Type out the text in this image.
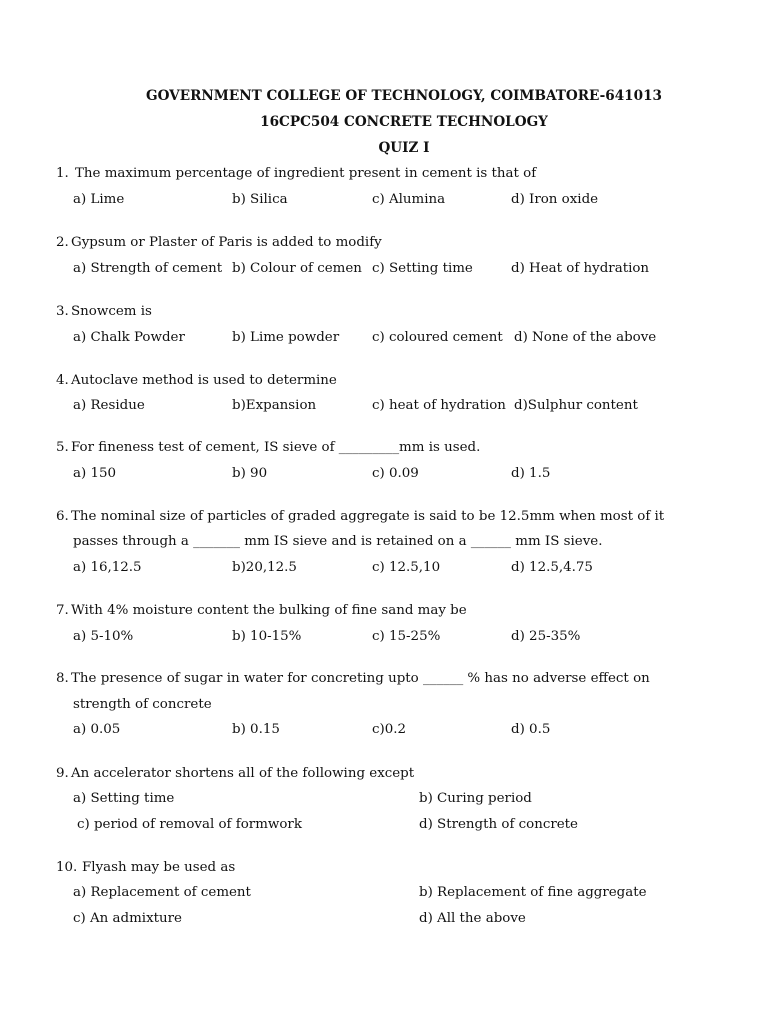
GOVERNMENT COLLEGE OF TECHNOLOGY, COIMBATORE-641013
16CPC504 CONCRETE TECHNOLOGY
QUIZ I
1. The maximum percentage of ingredient present in cement is that of
a) Lime	b) Silica	c) Alumina	d) Iron oxide
2. Gypsum or Plaster of Paris is added to modify
a) Strength of cement b) Colour of cemen c) Setting time	d) Heat of hydration
3. Snowcem is
a) Chalk Powder	b) Lime powder c) coloured cement d) None of the above
4. Autoclave method is used to determine
a) Residue	b)Expansion	c) heat of hydration d)Sulphur content
5. For fineness test of cement, IS sieve of _________mm is used.
a) 150	b) 90	c) 0.09	d) 1.5
6. The nominal size of particles of graded aggregate is said to be 12.5mm when most of it
passes through a _______ mm IS sieve and is retained on a ______ mm IS sieve.
a) 16,12.5	b)20,12.5	c) 12.5,10	d) 12.5,4.75
7. With 4% moisture content the bulking of fine sand may be
a) 5-10%	b) 10-15%	c) 15-25%	d) 25-35%
8. The presence of sugar in water for concreting upto ______ % has no adverse effect on
strength of concrete
a) 0.05	b) 0.15	c)0.2	d) 0.5
9. An accelerator shortens all of the following except
a) Setting time	b) Curing period
c) period of removal of formwork	d) Strength of concrete
10. Flyash may be used as
a) Replacement of cement	b) Replacement of fine aggregate
c) An admixture	d) All the above
